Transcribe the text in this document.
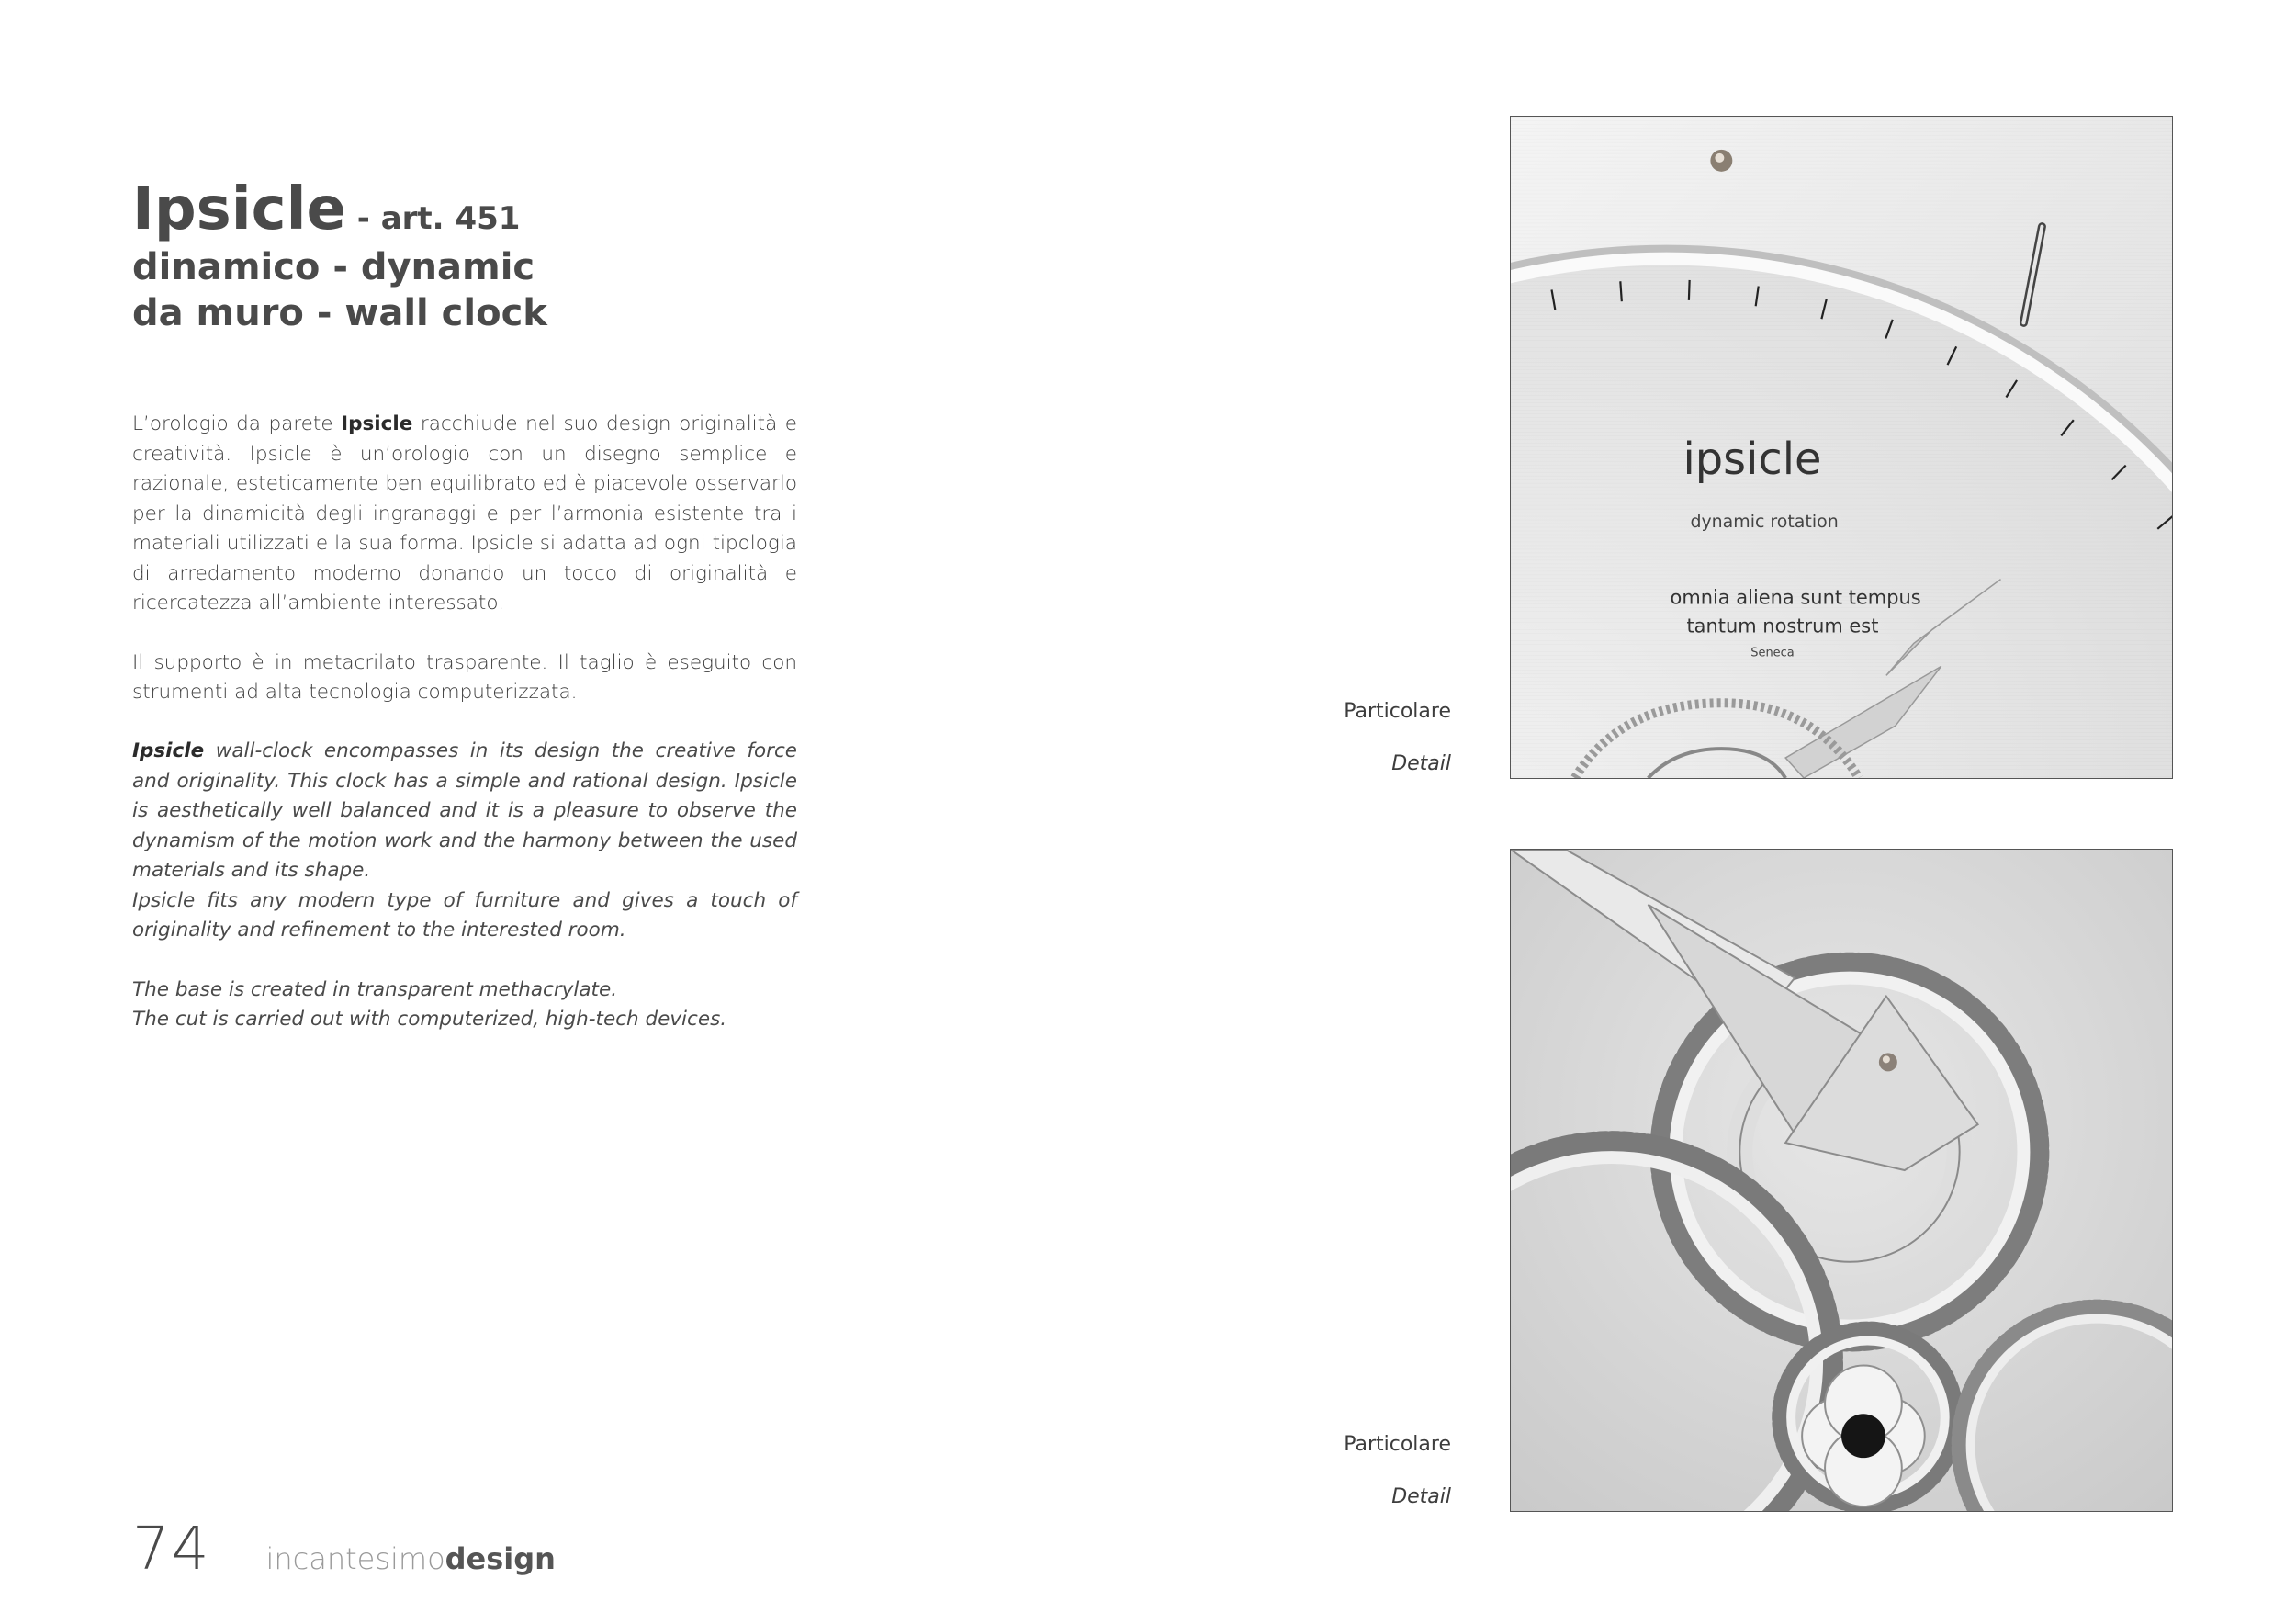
Ipsicle - art. 451
dinamico - dynamic
da muro - wall clock

L’orologio da parete Ipsicle racchiude nel suo design originalità e creatività. Ipsicle è un’orologio con un disegno semplice e razionale, esteticamente ben equilibrato ed è piacevole osservarlo per la dinamicità degli ingranaggi e per l’armonia esistente tra i materiali utilizzati e la sua forma. Ipsicle si adatta ad ogni tipologia di arredamento moderno donando un tocco di originalità e ricercatezza all’ambiente interessato.

Il supporto è in metacrilato trasparente. Il taglio è eseguito con strumenti ad alta tecnologia computerizzata.

Ipsicle wall-clock encompasses in its design the creative force and originality. This clock has a simple and rational design. Ipsicle is aesthetically well balanced and it is a pleasure to observe the dynamism of the motion work and the harmony between the used materials and its shape.

Ipsicle fits any modern type of furniture and gives a touch of originality and refinement to the interested room.

The base is created in transparent methacrylate.

The cut is carried out with computerized, high-tech devices.

Particolare
Detail
Particolare
Detail
ipsicle
dynamic rotation
omnia aliena sunt tempus
tantum nostrum est
Seneca
74 incantesimodesign
